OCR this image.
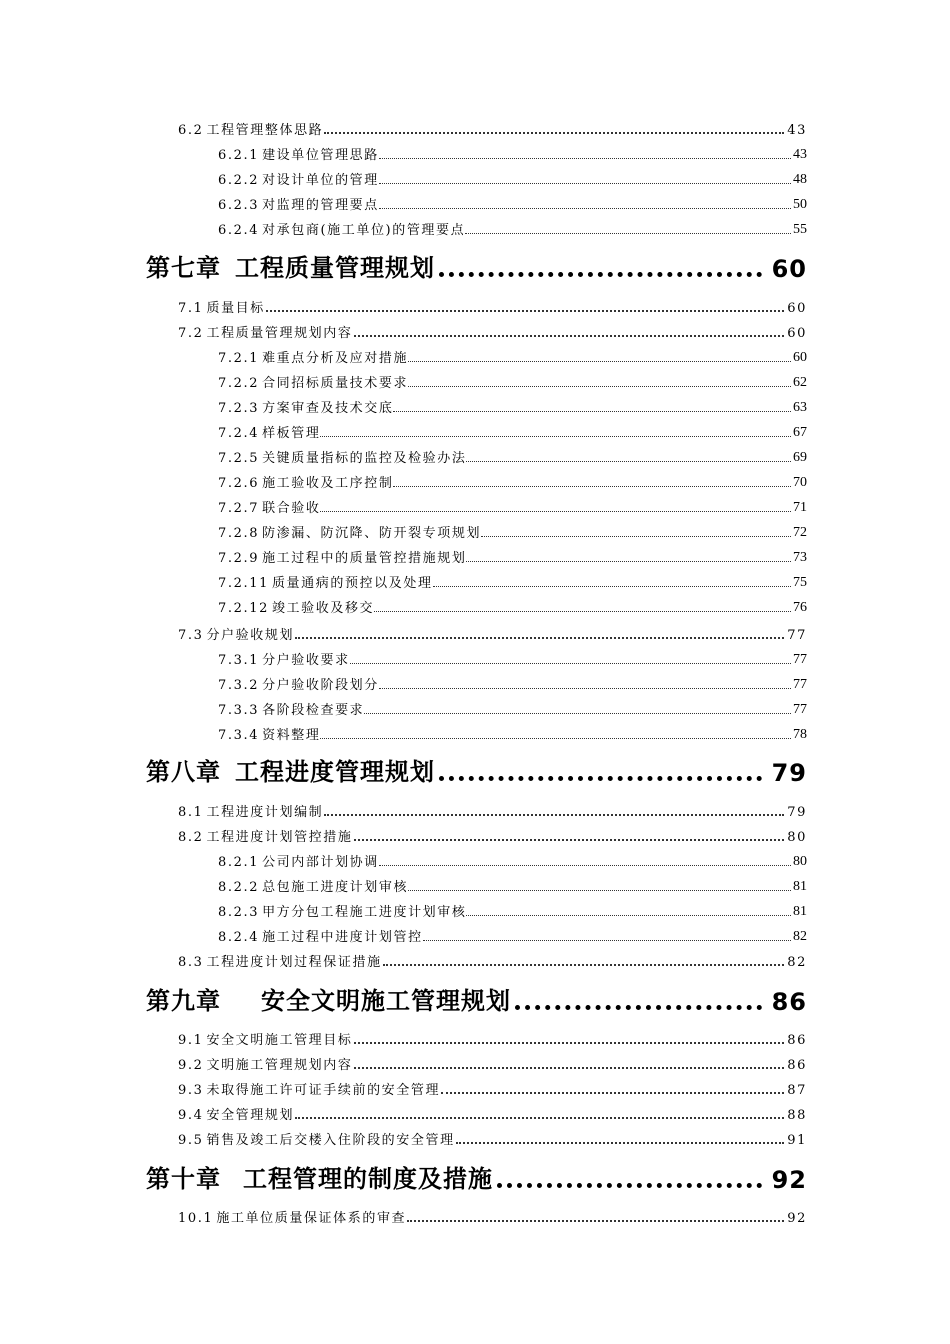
6.2 工程管理整体思路	43
6.2.1 建设单位管理思路	43
6.2.2 对设计单位的管理	48
6.2.3 对监理的管理要点	50
6.2.4 对承包商(施工单位)的管理要点	55
第七章 工程质量管理规划	60
7.1 质量目标	60
7.2 工程质量管理规划内容	60
7.2.1 难重点分析及应对措施	60
7.2.2 合同招标质量技术要求	62
7.2.3 方案审查及技术交底	63
7.2.4 样板管理	67
7.2.5 关键质量指标的监控及检验办法	69
7.2.6 施工验收及工序控制	70
7.2.7 联合验收	71
7.2.8 防渗漏、防沉降、防开裂专项规划	72
7.2.9 施工过程中的质量管控措施规划	73
7.2.11 质量通病的预控以及处理	75
7.2.12 竣工验收及移交	76
7.3 分户验收规划	77
7.3.1 分户验收要求	77
7.3.2 分户验收阶段划分	77
7.3.3 各阶段检查要求	77
7.3.4 资料整理	78
第八章 工程进度管理规划	79
8.1 工程进度计划编制	79
8.2 工程进度计划管控措施	80
8.2.1 公司内部计划协调	80
8.2.2 总包施工进度计划审核	81
8.2.3 甲方分包工程施工进度计划审核	81
8.2.4 施工过程中进度计划管控	82
8.3 工程进度计划过程保证措施	82
第九章 安全文明施工管理规划	86
9.1 安全文明施工管理目标	86
9.2 文明施工管理规划内容	86
9.3 未取得施工许可证手续前的安全管理	87
9.4 安全管理规划	88
9.5 销售及竣工后交楼入住阶段的安全管理	91
第十章 工程管理的制度及措施	92
10.1 施工单位质量保证体系的审查	92
